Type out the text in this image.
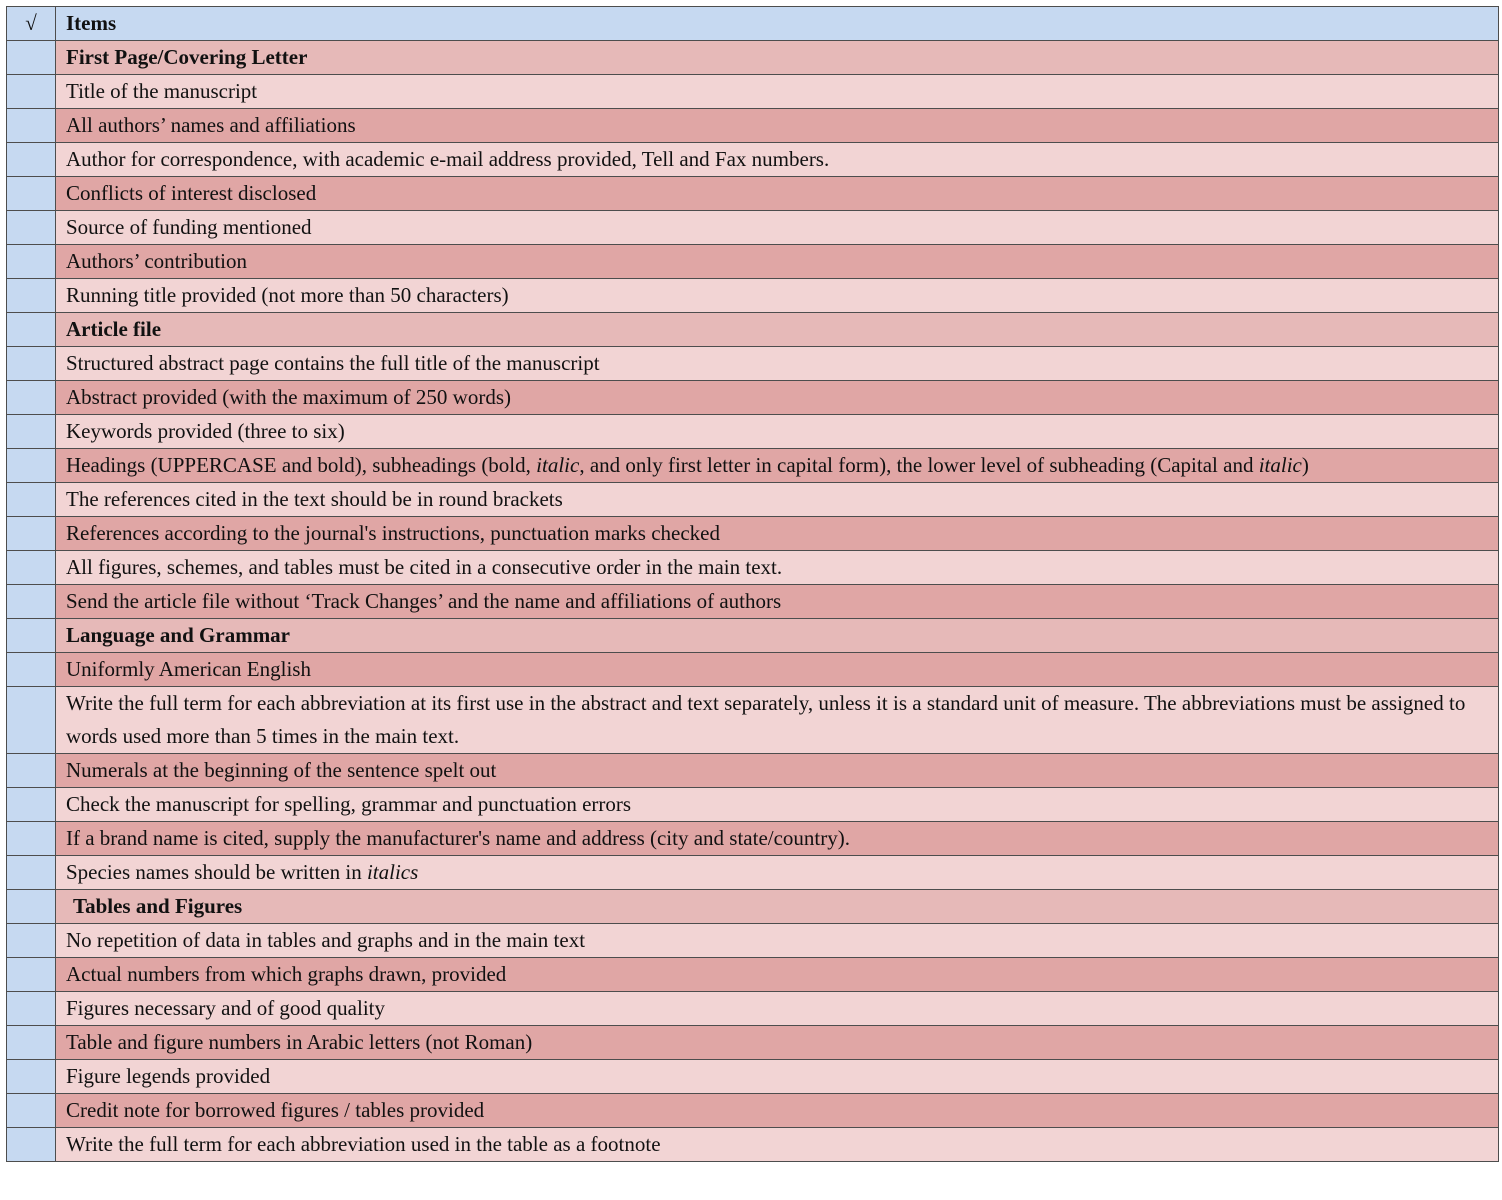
√	Items
	First Page/Covering Letter
	Title of the manuscript
	All authors’ names and affiliations
	Author for correspondence, with academic e-mail address provided, Tell and Fax numbers.
	Conflicts of interest disclosed
	Source of funding mentioned
	Authors’ contribution
	Running title provided (not more than 50 characters)
	Article file
	Structured abstract page contains the full title of the manuscript
	Abstract provided (with the maximum of 250 words)
	Keywords provided (three to six)
	Headings (UPPERCASE and bold), subheadings (bold, italic, and only first letter in capital form), the lower level of subheading (Capital and italic)
	The references cited in the text should be in round brackets
	References according to the journal's instructions, punctuation marks checked
	All figures, schemes, and tables must be cited in a consecutive order in the main text.
	Send the article file without ‘Track Changes’ and the name and affiliations of authors
	Language and Grammar
	Uniformly American English
	Write the full term for each abbreviation at its first use in the abstract and text separately, unless it is a standard unit of measure. The abbreviations must be assigned to words used more than 5 times in the main text.
	Numerals at the beginning of the sentence spelt out
	Check the manuscript for spelling, grammar and punctuation errors
	If a brand name is cited, supply the manufacturer's name and address (city and state/country).
	Species names should be written in italics
	Tables and Figures
	No repetition of data in tables and graphs and in the main text
	Actual numbers from which graphs drawn, provided
	Figures necessary and of good quality
	Table and figure numbers in Arabic letters (not Roman)
	Figure legends provided
	Credit note for borrowed figures / tables provided
	Write the full term for each abbreviation used in the table as a footnote
